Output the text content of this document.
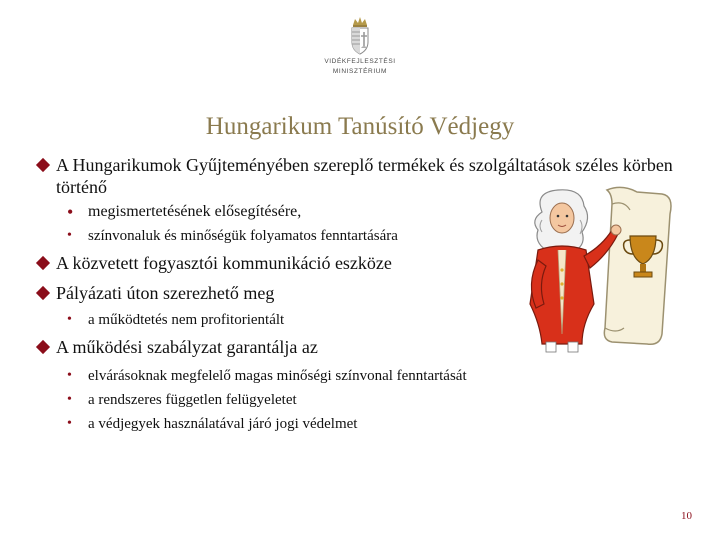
VIDÉKFEJLESZTÉSI
MINISZTÉRIUM
Hungarikum Tanúsító Védjegy

A Hungarikumok Gyűjteményében szereplő termékek és szolgáltatások széles körben történő

• megismertetésének elősegítésére,

• színvonaluk és minőségük folyamatos fenntartására

A közvetett fogyasztói kommunikáció eszköze

Pályázati úton szerezhető meg

• a működtetés nem profitorientált

A működési szabályzat garantálja az

• elvárásoknak megfelelő magas minőségi színvonal fenntartását

• a rendszeres független felügyeletet

• a védjegyek használatával járó jogi védelmet

10
